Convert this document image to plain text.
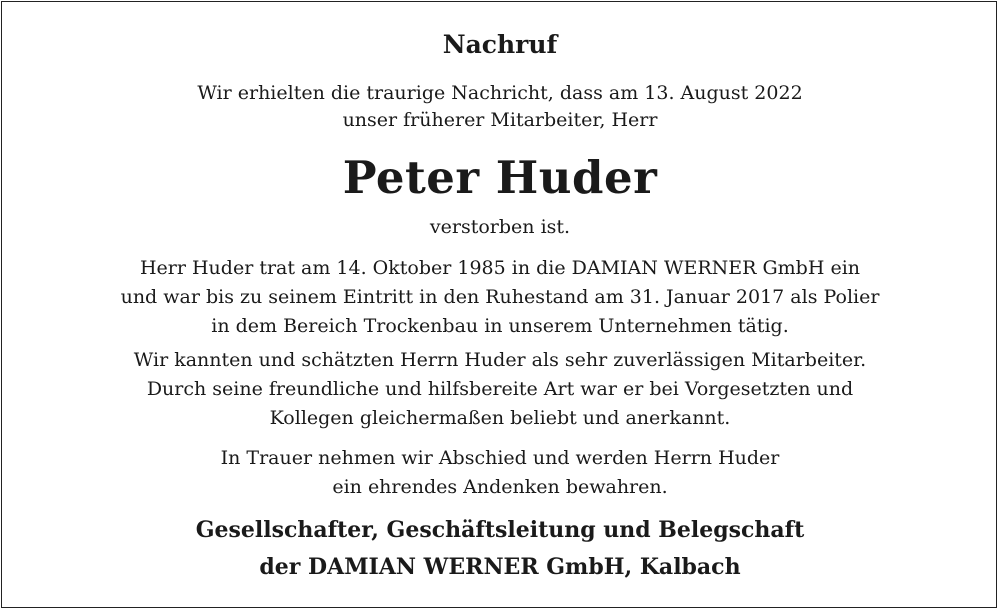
Nachruf
Wir erhielten die traurige Nachricht, dass am 13. August 2022
unser früherer Mitarbeiter, Herr
Peter Huder
verstorben ist.
Herr Huder trat am 14. Oktober 1985 in die DAMIAN WERNER GmbH ein
und war bis zu seinem Eintritt in den Ruhestand am 31. Januar 2017 als Polier
in dem Bereich Trockenbau in unserem Unternehmen tätig.
Wir kannten und schätzten Herrn Huder als sehr zuverlässigen Mitarbeiter.
Durch seine freundliche und hilfsbereite Art war er bei Vorgesetzten und
Kollegen gleichermaßen beliebt und anerkannt.
In Trauer nehmen wir Abschied und werden Herrn Huder
ein ehrendes Andenken bewahren.
Gesellschafter, Geschäftsleitung und Belegschaft
der DAMIAN WERNER GmbH, Kalbach
